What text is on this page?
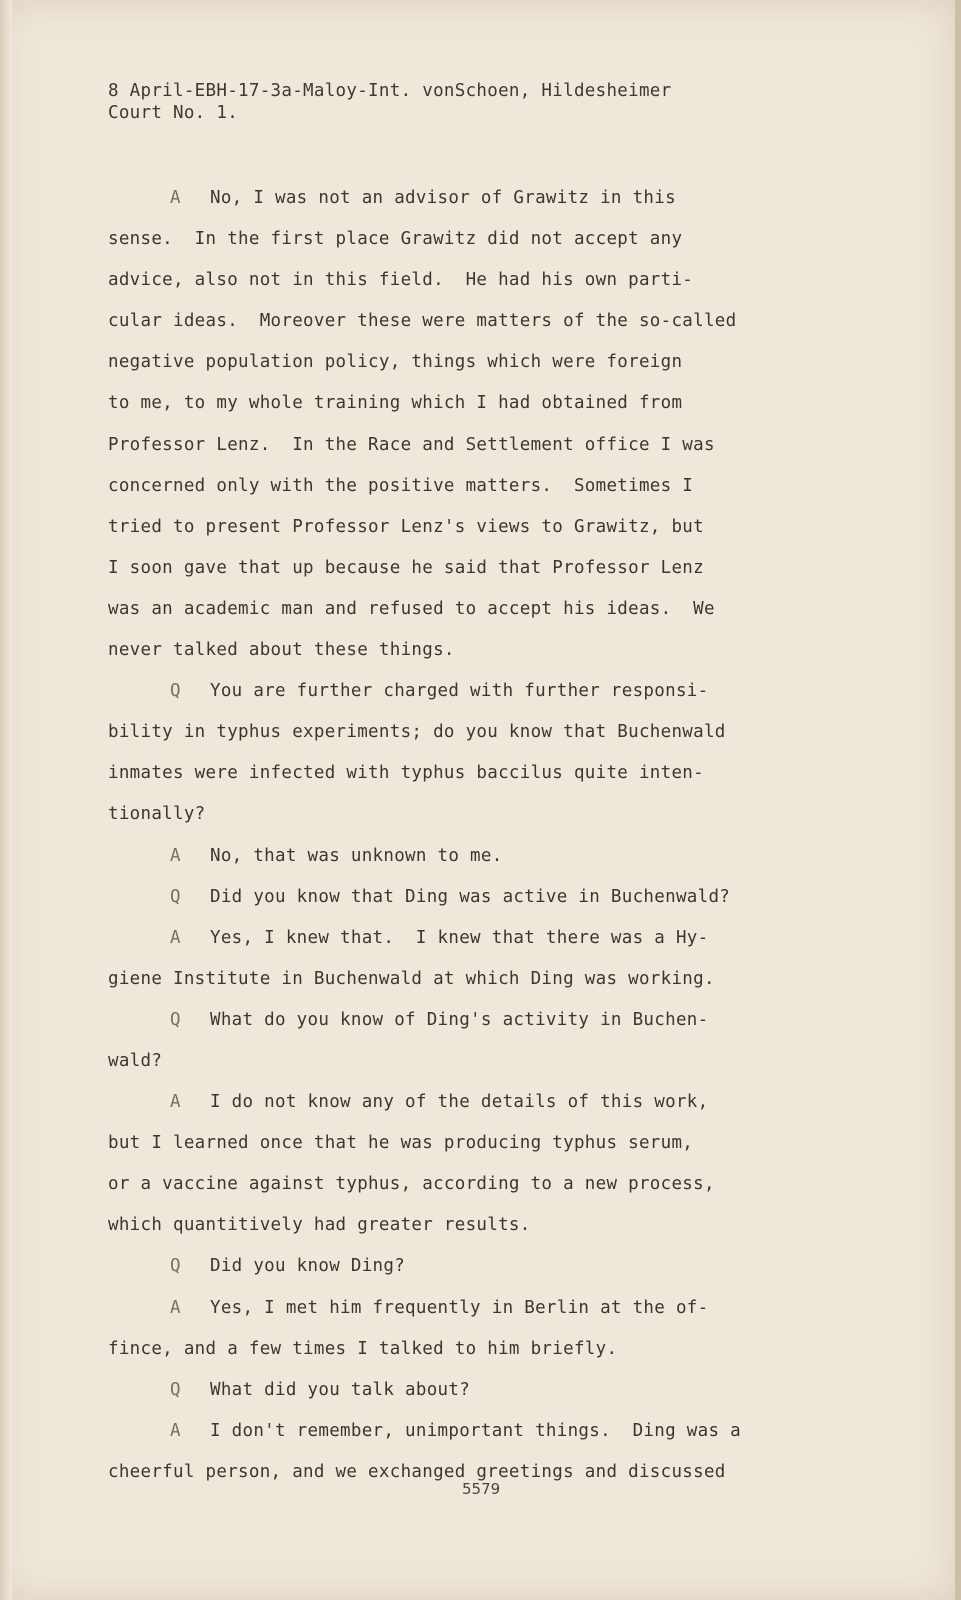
8 April-EBH-17-3a-Maloy-Int. vonSchoen, Hildesheimer
Court No. 1.
A No, I was not an advisor of Grawitz in this
sense.  In the first place Grawitz did not accept any
advice, also not in this field.  He had his own parti-
cular ideas.  Moreover these were matters of the so-called
negative population policy, things which were foreign
to me, to my whole training which I had obtained from
Professor Lenz.  In the Race and Settlement office I was
concerned only with the positive matters.  Sometimes I
tried to present Professor Lenz's views to Grawitz, but
I soon gave that up because he said that Professor Lenz
was an academic man and refused to accept his ideas.  We
never talked about these things.
Q You are further charged with further responsi-
bility in typhus experiments; do you know that Buchenwald
inmates were infected with typhus baccilus quite inten-
tionally?
A No, that was unknown to me.
Q Did you know that Ding was active in Buchenwald?
A Yes, I knew that.  I knew that there was a Hy-
giene Institute in Buchenwald at which Ding was working.
Q What do you know of Ding's activity in Buchen-
wald?
A I do not know any of the details of this work,
but I learned once that he was producing typhus serum,
or a vaccine against typhus, according to a new process,
which quantitively had greater results.
Q Did you know Ding?
A Yes, I met him frequently in Berlin at the of-
fince, and a few times I talked to him briefly.
Q What did you talk about?
A I don't remember, unimportant things.  Ding was a
cheerful person, and we exchanged greetings and discussed
5579
